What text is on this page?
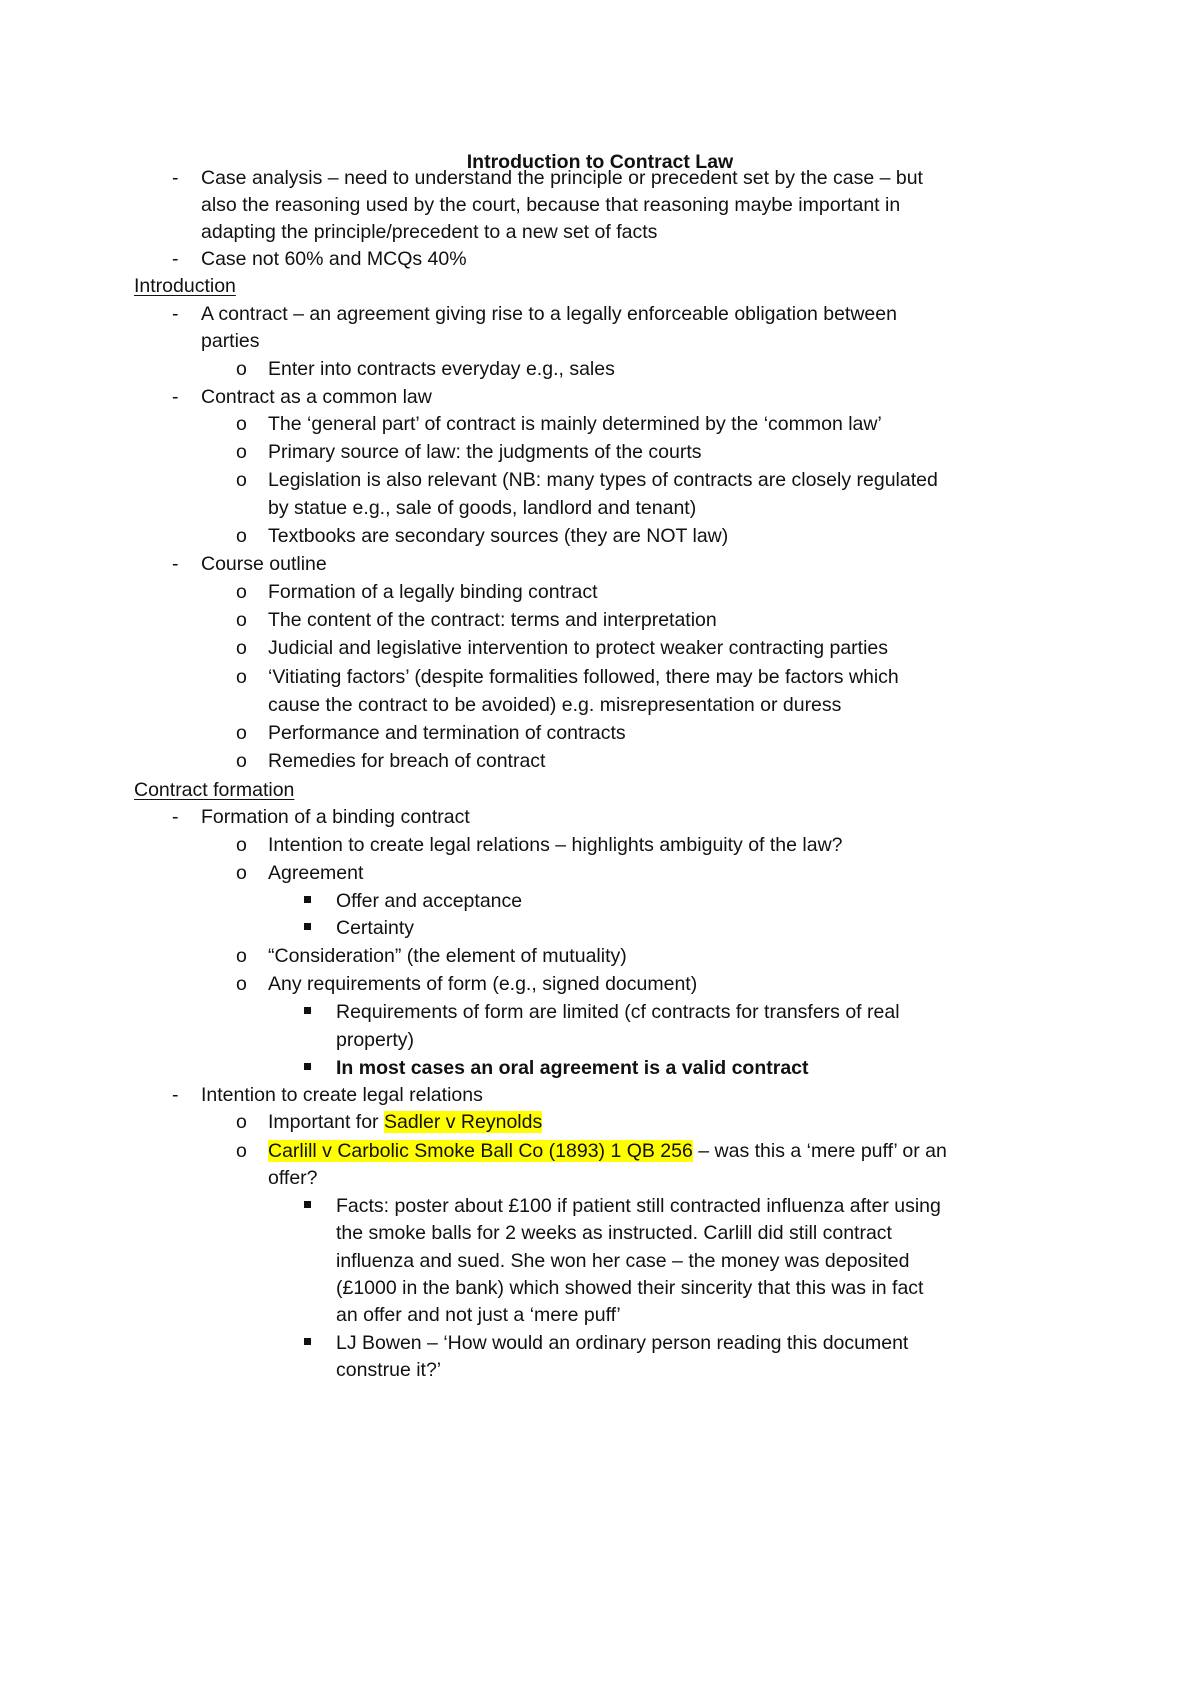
Introduction to Contract Law
- Case analysis – need to understand the principle or precedent set by the case – but
also the reasoning used by the court, because that reasoning maybe important in
adapting the principle/precedent to a new set of facts
- Case not 60% and MCQs 40%
Introduction
- A contract – an agreement giving rise to a legally enforceable obligation between
parties
o Enter into contracts everyday e.g., sales
- Contract as a common law
o The ‘general part’ of contract is mainly determined by the ‘common law’
o Primary source of law: the judgments of the courts
o Legislation is also relevant (NB: many types of contracts are closely regulated
by statue e.g., sale of goods, landlord and tenant)
o Textbooks are secondary sources (they are NOT law)
- Course outline
o Formation of a legally binding contract
o The content of the contract: terms and interpretation
o Judicial and legislative intervention to protect weaker contracting parties
o ‘Vitiating factors’ (despite formalities followed, there may be factors which
cause the contract to be avoided) e.g. misrepresentation or duress
o Performance and termination of contracts
o Remedies for breach of contract
Contract formation
- Formation of a binding contract
o Intention to create legal relations – highlights ambiguity of the law?
o Agreement
Offer and acceptance
Certainty
o “Consideration” (the element of mutuality)
o Any requirements of form (e.g., signed document)
Requirements of form are limited (cf contracts for transfers of real
property)
In most cases an oral agreement is a valid contract
- Intention to create legal relations
o Important for Sadler v Reynolds
o Carlill v Carbolic Smoke Ball Co (1893) 1 QB 256 – was this a ‘mere puff’ or an
offer?
Facts: poster about £100 if patient still contracted influenza after using
the smoke balls for 2 weeks as instructed. Carlill did still contract
influenza and sued. She won her case – the money was deposited
(£1000 in the bank) which showed their sincerity that this was in fact
an offer and not just a ‘mere puff’
LJ Bowen – ‘How would an ordinary person reading this document
construe it?’
